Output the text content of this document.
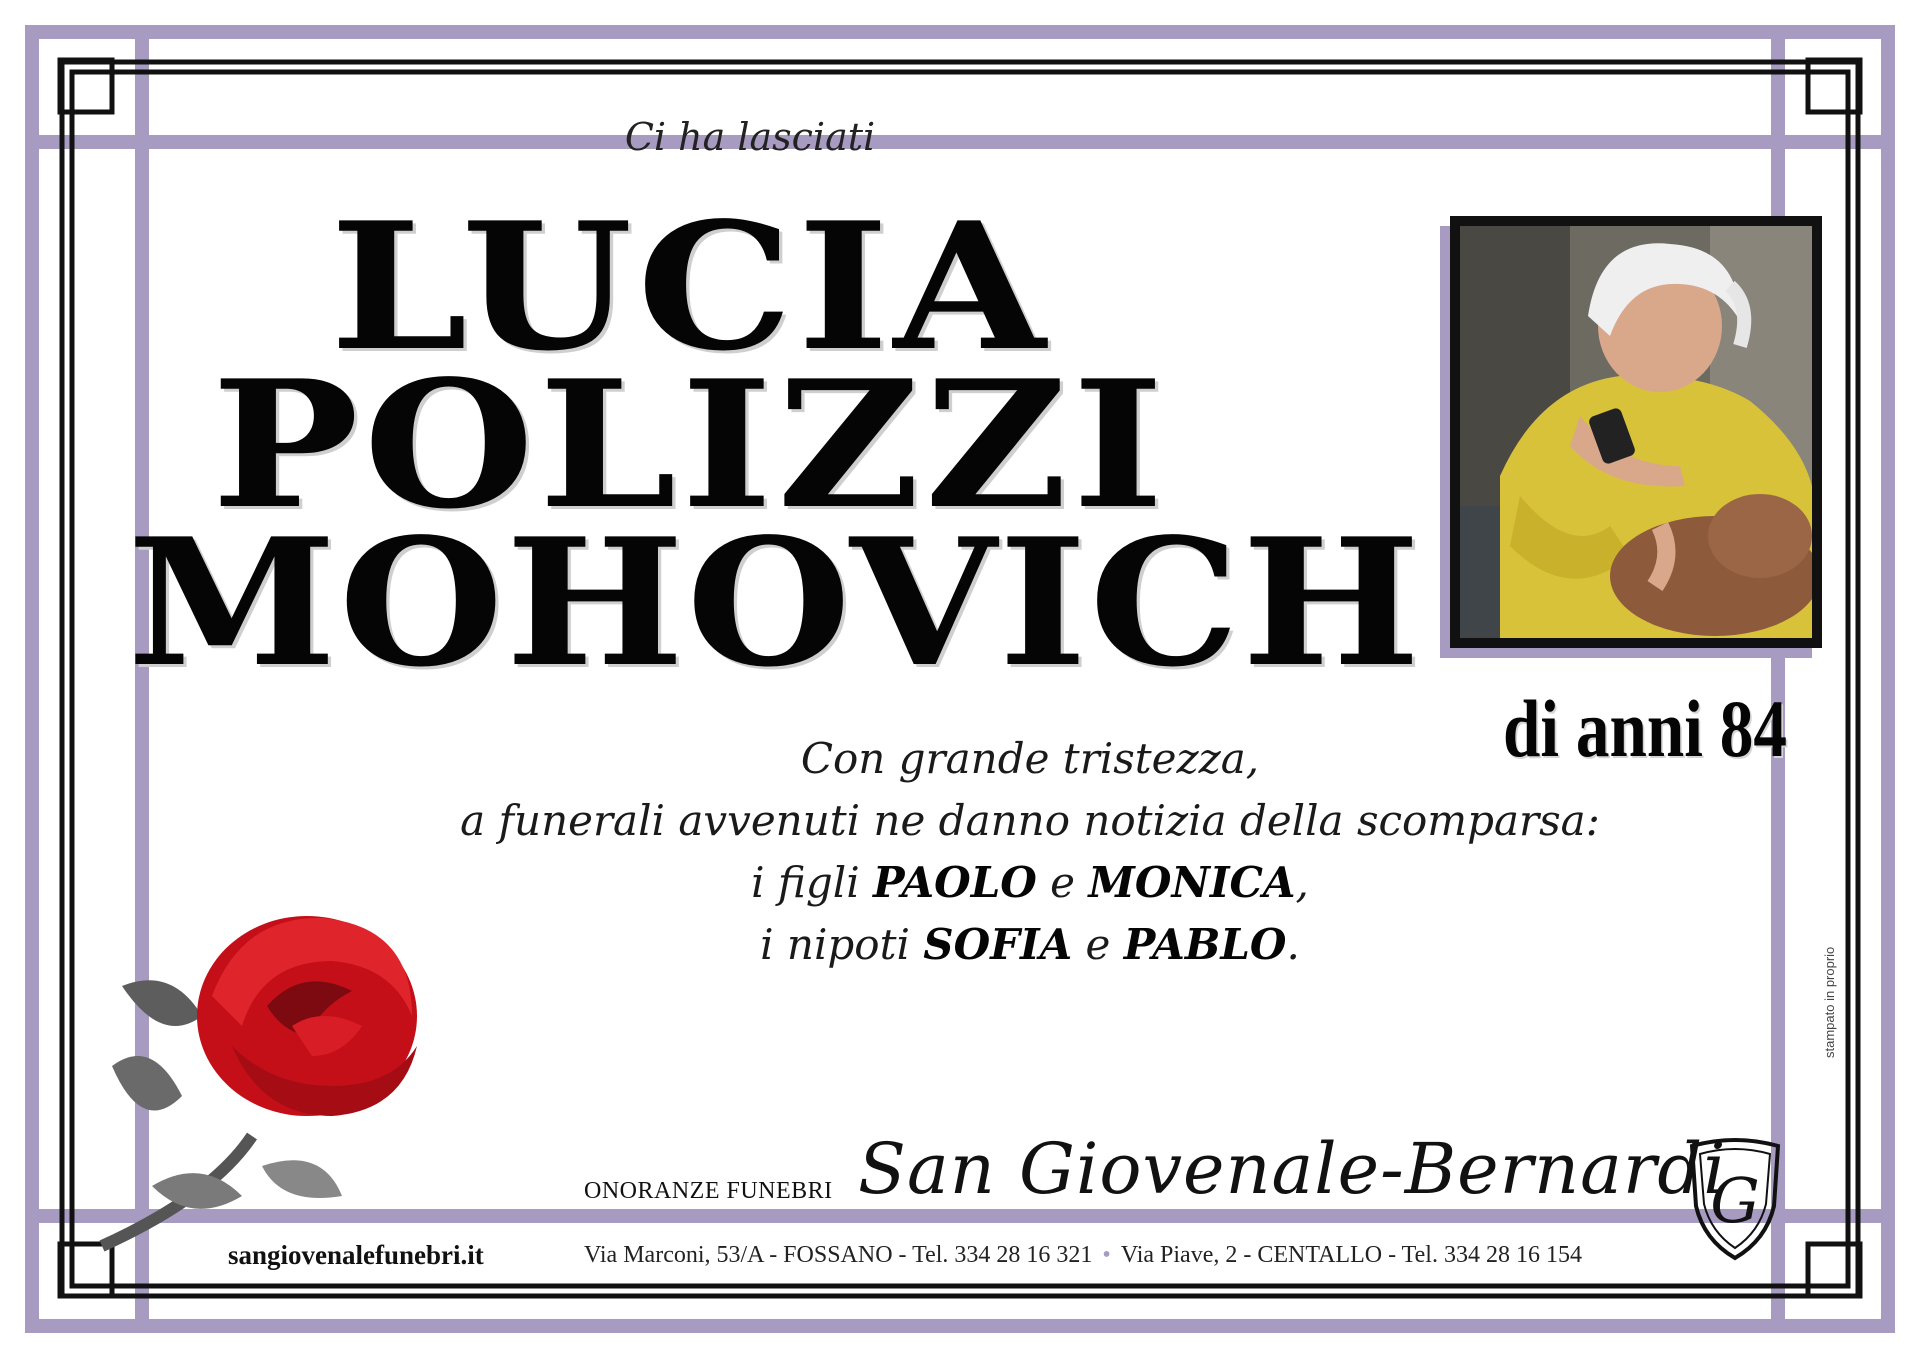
Ci ha lasciati
LUCIA
POLIZZI
MOHOVICH
di anni 84
Con grande tristezza,
a funerali avvenuti ne danno notizia della scomparsa:
i figli PAOLO e MONICA,
i nipoti SOFIA e PABLO.
sangiovenalefunebri.it
ONORANZE FUNEBRI San Giovenale-Bernardi
G
Via Marconi, 53/A - FOSSANO - Tel. 334 28 16 321 • Via Piave, 2 - CENTALLO - Tel. 334 28 16 154
stampato in proprio
